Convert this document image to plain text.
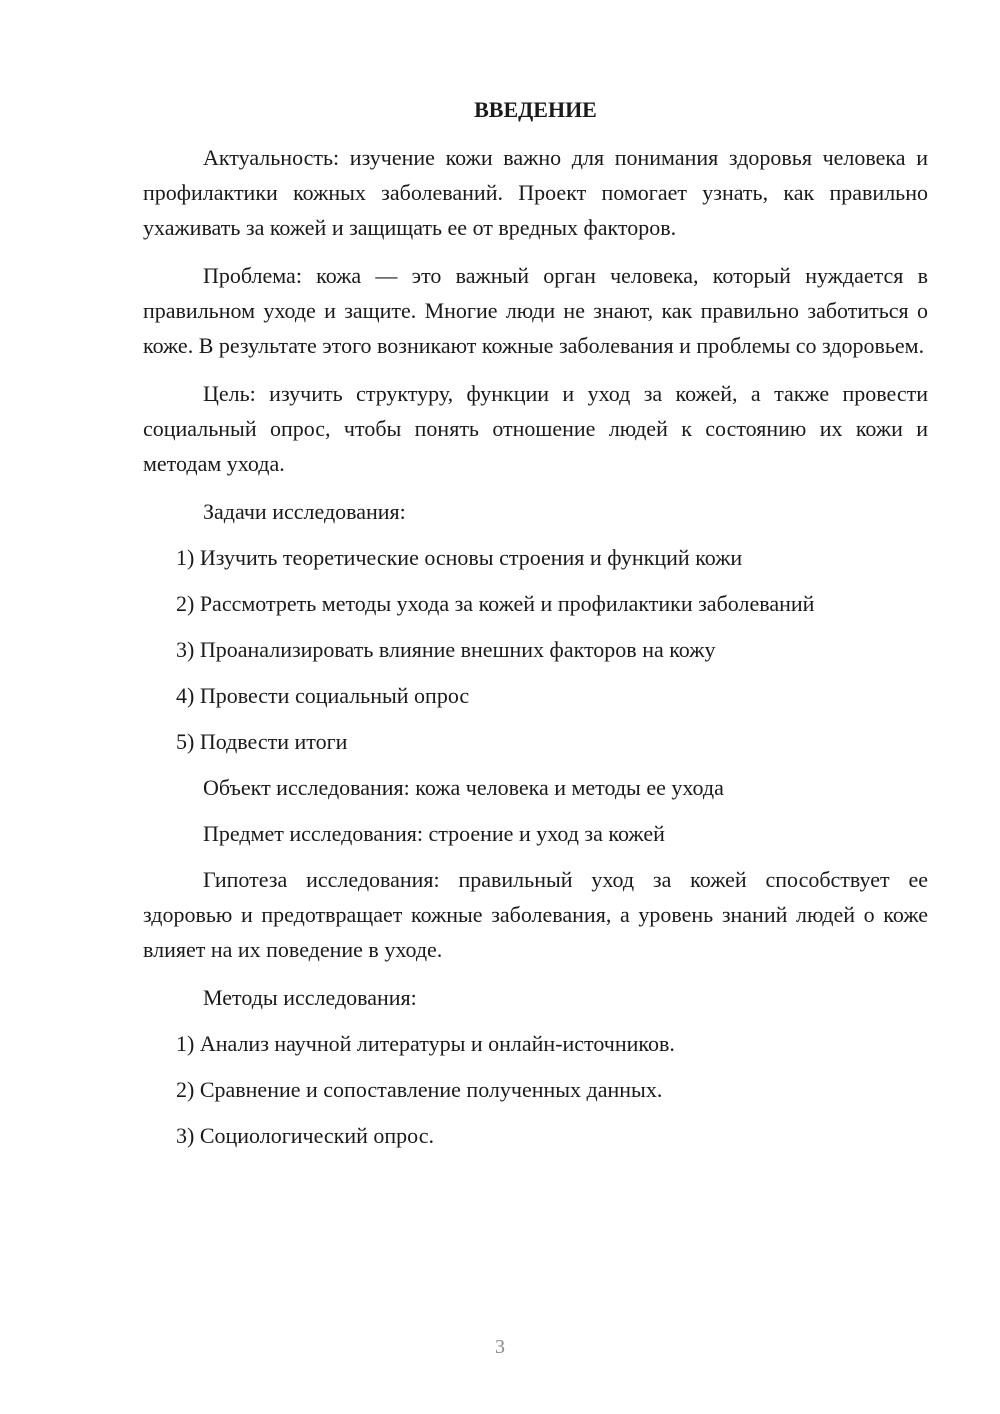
ВВЕДЕНИЕ

Актуальность: изучение кожи важно для понимания здоровья человека и профилактики кожных заболеваний. Проект помогает узнать, как правильно ухаживать за кожей и защищать ее от вредных факторов.

Проблема: кожа — это важный орган человека, который нуждается в правильном уходе и защите. Многие люди не знают, как правильно заботиться о коже. В результате этого возникают кожные заболевания и проблемы со здоровьем.

Цель: изучить структуру, функции и уход за кожей, а также провести социальный опрос, чтобы понять отношение людей к состоянию их кожи и методам ухода.

Задачи исследования:

1) Изучить теоретические основы строения и функций кожи

2) Рассмотреть методы ухода за кожей и профилактики заболеваний

3) Проанализировать влияние внешних факторов на кожу

4) Провести социальный опрос

5) Подвести итоги

Объект исследования: кожа человека и методы ее ухода

Предмет исследования: строение и уход за кожей

Гипотеза исследования: правильный уход за кожей способствует ее здоровью и предотвращает кожные заболевания, а уровень знаний людей о коже влияет на их поведение в уходе.

Методы исследования:

1) Анализ научной литературы и онлайн-источников.

2) Сравнение и сопоставление полученных данных.

3) Социологический опрос.

3
